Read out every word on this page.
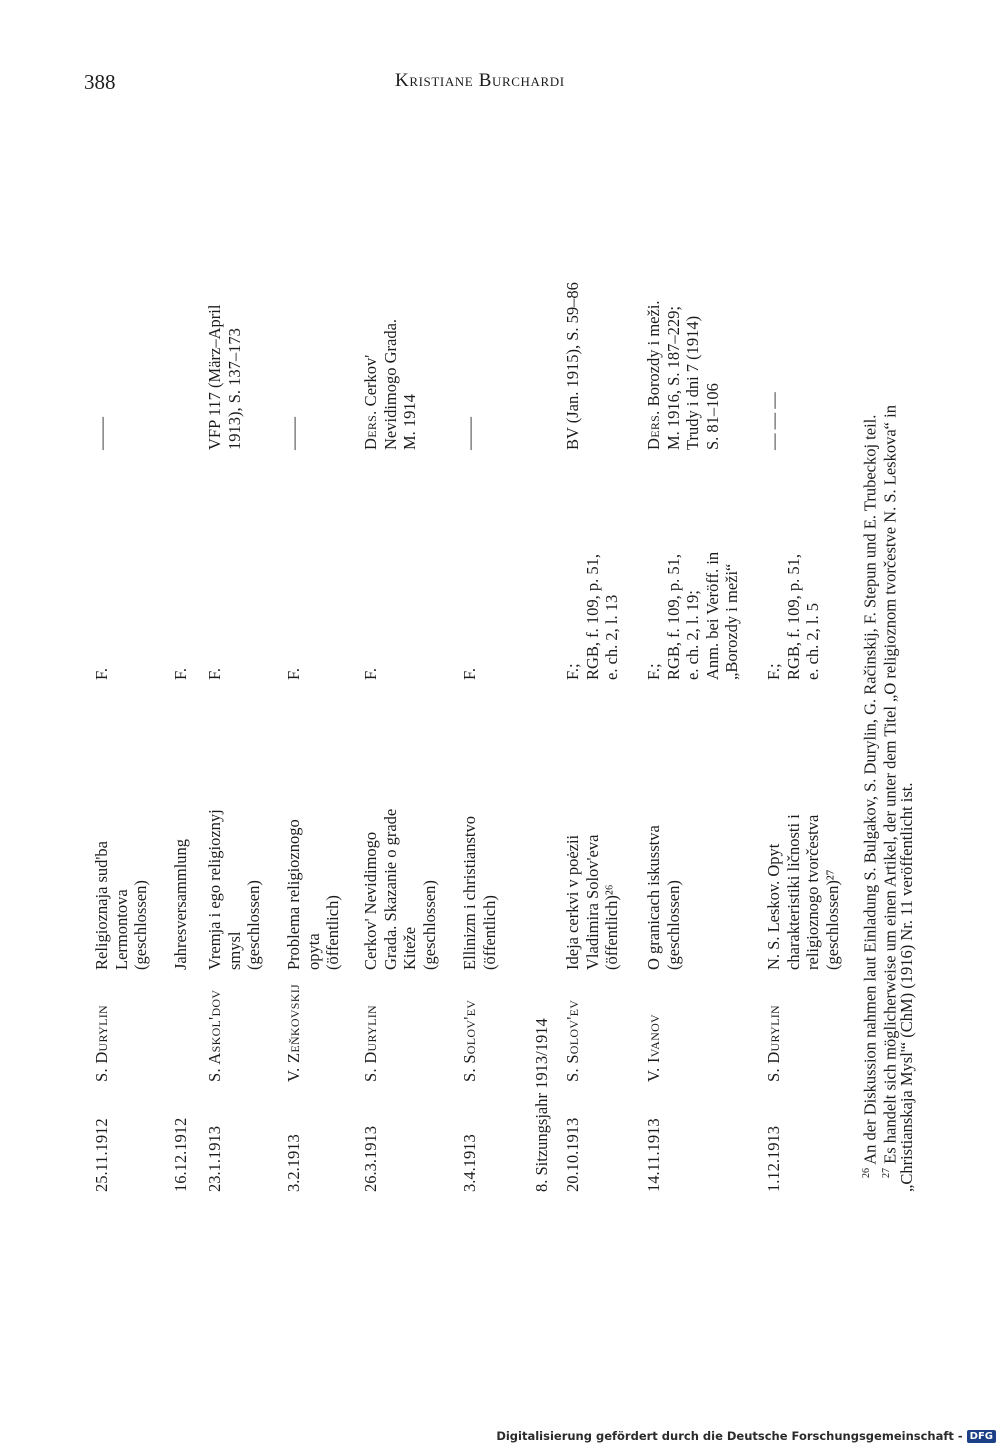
388	Kristiane Burchardi
25.11.1912
S. Durylin
Religioznaja sud'ba Lermontova (geschlossen)
F.
——
16.12.1912
Jahresversammlung
F.
23.1.1913
S. Askol'dov
Vremja i ego religioznyj smysl (geschlossen)
F.
VFP 117 (März–April 1913), S. 137–173
3.2.1913
V. Zeňkovskij
Problema religioznogo opyta (öffentlich)
F.
——
26.3.1913
S. Durylin
Cerkov' Nevidimogo Grada. Skazanie o grade Kiteže (geschlossen)
F.
Ders. Cerkov' Nevidimogo Grada. M. 1914
3.4.1913
S. Solov'ev
Ellinizm i christianstvo (öffentlich)
F.
——
20.10.1913
S. Solov'ev
Ideja cerkvi v poėzii Vladimira Solov'eva (öffentlich)²⁶
F.; RGB, f. 109, p. 51, e. ch. 2, l. 13
BV (Jan. 1915), S. 59–86
14.11.1913
V. Ivanov
O granicach iskusstva (geschlossen)
F.; RGB, f. 109, p. 51, e. ch. 2, l. 19; Anm. bei Veröff. in „Borozdy i meži“
Ders. Borozdy i meži. M. 1916, S. 187–229; Trudy i dni 7 (1914) S. 81–106
1.12.1913
S. Durylin
N. S. Leskov. Opyt charakteristiki ličnosti i religioznogo tvorčestva (geschlossen)²⁷
F.; RGB, f. 109, p. 51, e. ch. 2, l. 5
— — —
8. Sitzungsjahr 1913/1914	$^{26}$ An der Diskussion nahmen laut Einladung S. Bulgakov, S. Durylin, G. Račinskij, F. Stepun und E. Trubeckoj teil.
$^{27}$ Es handelt sich möglicherweise um einen Artikel, der unter dem Titel „O religioznom tvorčestve N. S. Leskova“ in
„Christianskaja Mysl'“ (ChM) (1916) Nr. 11 veröffentlicht ist.
Digitalisierung gefördert durch die Deutsche Forschungsgemeinschaft - DFG
